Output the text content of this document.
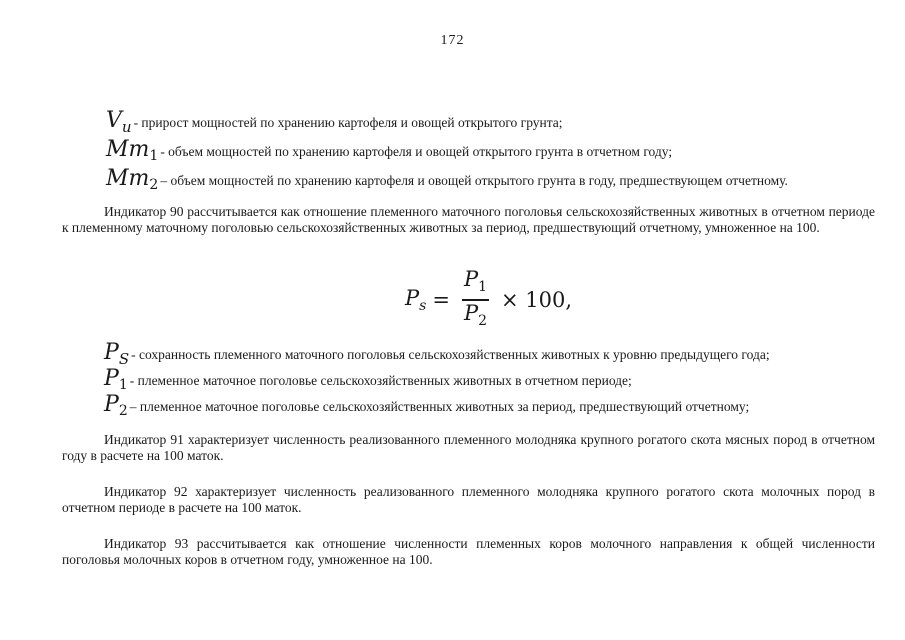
172
$V_u$ - прирост мощностей по хранению картофеля и овощей открытого грунта;
$Mm_1$ - объем мощностей по хранению картофеля и овощей открытого грунта в отчетном году;
$Mm_2$ – объем мощностей по хранению картофеля и овощей открытого грунта в году, предшествующем отчетному.
Индикатор 90 рассчитывается как отношение племенного маточного поголовья сельскохозяйственных животных в отчетном периоде к племенному маточному поголовью сельскохозяйственных животных за период, предшествующий отчетному, умноженное на 100.
$P_s = \frac{P_1}{P_2} \times 100$,
$P_S$ - сохранность племенного маточного поголовья сельскохозяйственных животных к уровню предыдущего года;
$P_1$ - племенное маточное поголовье сельскохозяйственных животных в отчетном периоде;
$P_2$ – племенное маточное поголовье сельскохозяйственных животных за период, предшествующий отчетному;
Индикатор 91 характеризует численность реализованного племенного молодняка крупного рогатого скота мясных пород в отчетном году в расчете на 100 маток.
Индикатор 92 характеризует численность реализованного племенного молодняка крупного рогатого скота молочных пород в отчетном периоде в расчете на 100 маток.
Индикатор 93 рассчитывается как отношение численности племенных коров молочного направления к общей численности поголовья молочных коров в отчетном году, умноженное на 100.
